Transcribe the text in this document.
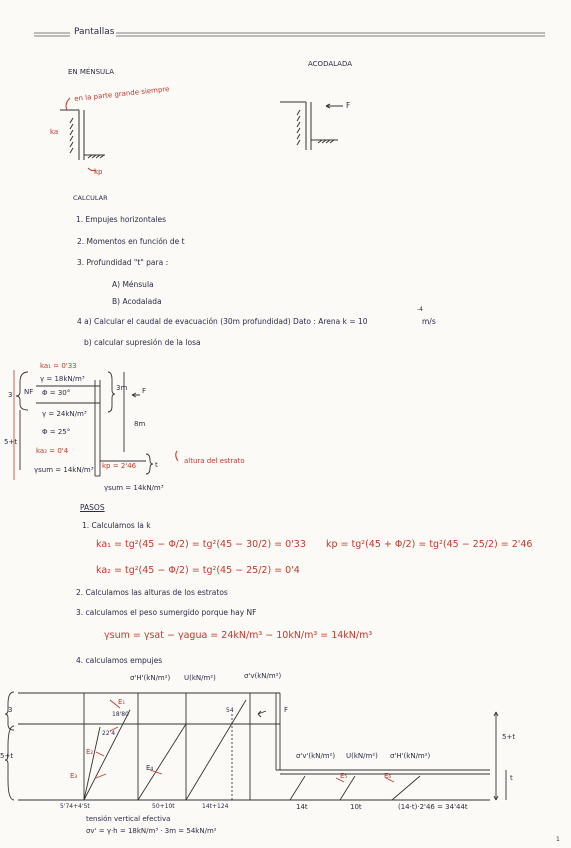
Pantallas
EN MÉNSULA
en la parte grande siempre
ka
kp
ACODALADA
F
CALCULAR
1. Empujes horizontales
2. Momentos en función de t
3. Profundidad "t" para :
A) Ménsula
B) Acodalada
4 a) Calcular el caudal de evacuación (30m profundidad) Dato : Arena k = 10
-4
m/s
b) calcular supresión de la losa
ka₁ = 0'33
γ = 18kN/m³
NF Φ = 30°
γ = 24kN/m³
Φ = 25°
ka₂ = 0'4
γsum = 14kN/m³ kp = 2'46
γsum = 14kN/m³
3
5+t
3m
8m
F
t	altura del estrato
PASOS
1. Calculamos la k
ka₁ = tg²(45 − Φ/2) = tg²(45 − 30/2) = 0'33 kp = tg²(45 + Φ/2) = tg²(45 − 25/2) = 2'46
ka₂ = tg²(45 − Φ/2) = tg²(45 − 25/2) = 0'4
2. Calculamos las alturas de los estratos
3. calculamos el peso sumergido porque hay NF
γsum = γsat − γagua = 24kN/m³ − 10kN/m³ = 14kN/m³
4. calculamos empujes
σ'H'(kN/m²) U(kN/m²)	σ'v(kN/m²)
σ'v'(kN/m²) U(kN/m²) σ'H'(kN/m²)
E₁
E₂
E₃
E₄
E₅	E₆
18'80
22'4
54
3
5+t
5+t
t
F
5'74+4'5t	50+10t	14t+124	14t	10t	(14·t)·2'46 = 34'44t
tensión vertical efectiva
σv' = γ·h = 18kN/m³ · 3m = 54kN/m²
1
